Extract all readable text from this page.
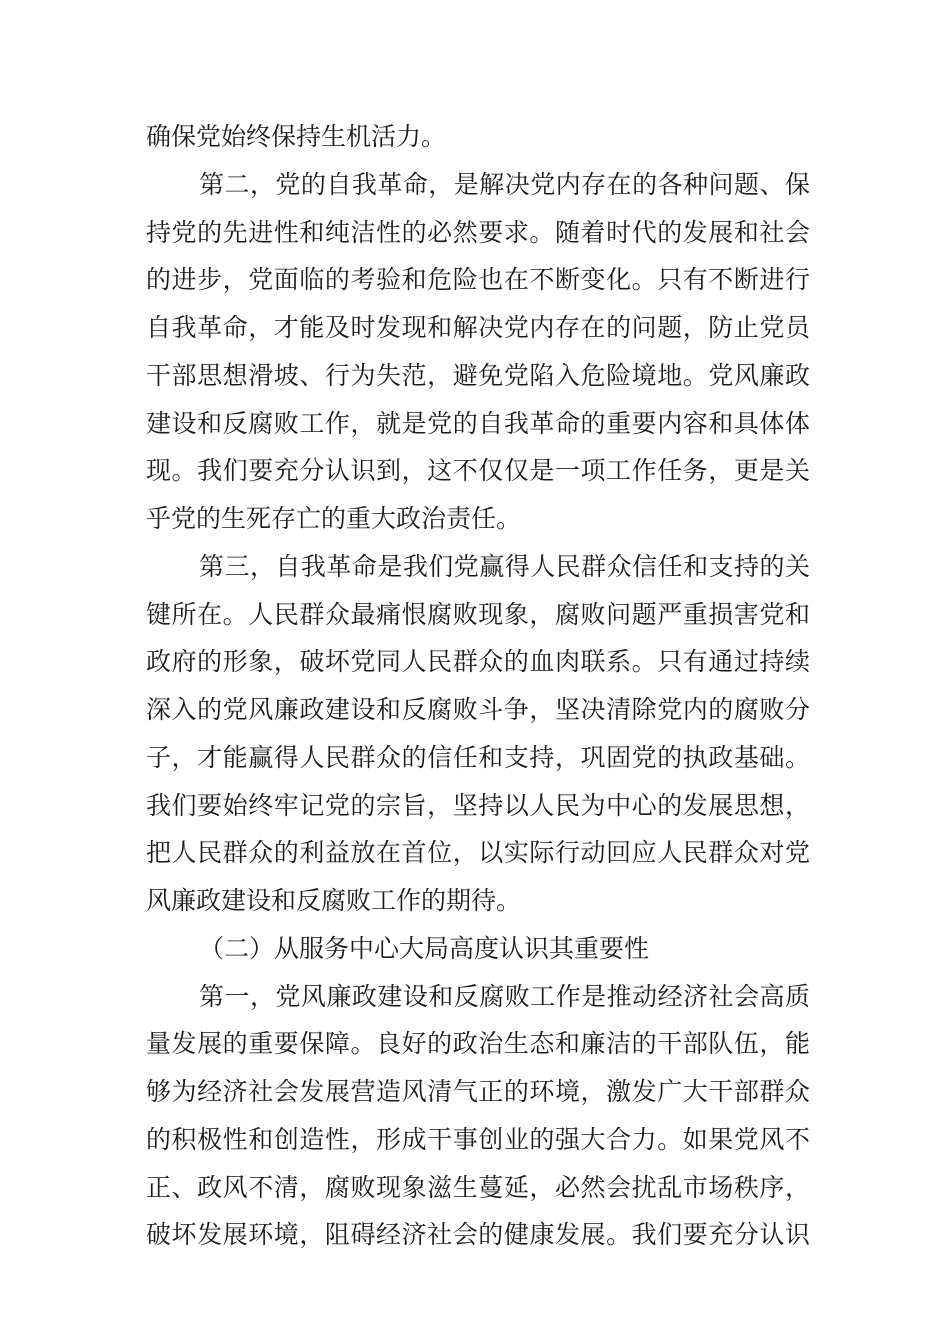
确保党始终保持生机活力。
第二，党的自我革命，是解决党内存在的各种问题、保
持党的先进性和纯洁性的必然要求。随着时代的发展和社会
的进步，党面临的考验和危险也在不断变化。只有不断进行
自我革命，才能及时发现和解决党内存在的问题，防止党员
干部思想滑坡、行为失范，避免党陷入危险境地。党风廉政
建设和反腐败工作，就是党的自我革命的重要内容和具体体
现。我们要充分认识到，这不仅仅是一项工作任务，更是关
乎党的生死存亡的重大政治责任。
第三，自我革命是我们党赢得人民群众信任和支持的关
键所在。人民群众最痛恨腐败现象，腐败问题严重损害党和
政府的形象，破坏党同人民群众的血肉联系。只有通过持续
深入的党风廉政建设和反腐败斗争，坚决清除党内的腐败分
子，才能赢得人民群众的信任和支持，巩固党的执政基础。
我们要始终牢记党的宗旨，坚持以人民为中心的发展思想，
把人民群众的利益放在首位，以实际行动回应人民群众对党
风廉政建设和反腐败工作的期待。
（二）从服务中心大局高度认识其重要性
第一，党风廉政建设和反腐败工作是推动经济社会高质
量发展的重要保障。良好的政治生态和廉洁的干部队伍，能
够为经济社会发展营造风清气正的环境，激发广大干部群众
的积极性和创造性，形成干事创业的强大合力。如果党风不
正、政风不清，腐败现象滋生蔓延，必然会扰乱市场秩序，
破坏发展环境，阻碍经济社会的健康发展。我们要充分认识
